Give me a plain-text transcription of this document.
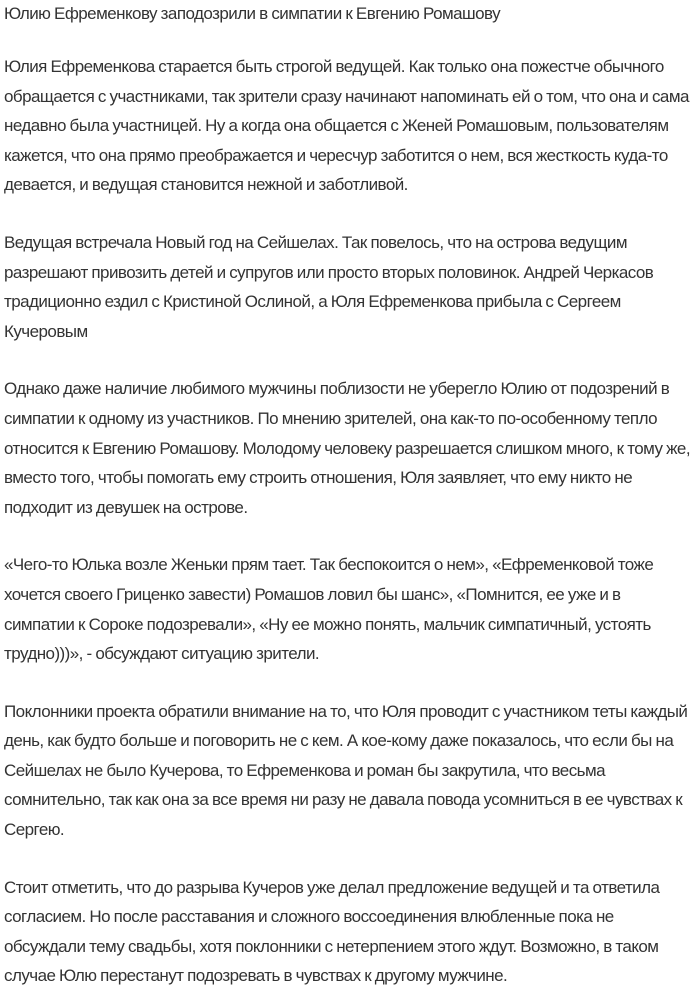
Юлию Ефременкову заподозрили в симпатии к Евгению Ромашову

Юлия Ефременкова старается быть строгой ведущей. Как только она пожестче обычного обращается с участниками, так зрители сразу начинают напоминать ей о том, что она и сама недавно была участницей. Ну а когда она общается с Женей Ромашовым, пользователям кажется, что она прямо преображается и чересчур заботится о нем, вся жесткость куда-то девается, и ведущая становится нежной и заботливой.

Ведущая встречала Новый год на Сейшелах. Так повелось, что на острова ведущим разрешают привозить детей и супругов или просто вторых половинок. Андрей Черкасов традиционно ездил с Кристиной Ослиной, а Юля Ефременкова прибыла с Сергеем Кучеровым

Однако даже наличие любимого мужчины поблизости не уберегло Юлию от подозрений в симпатии к одному из участников. По мнению зрителей, она как-то по-особенному тепло относится к Евгению Ромашову. Молодому человеку разрешается слишком много, к тому же, вместо того, чтобы помогать ему строить отношения, Юля заявляет, что ему никто не подходит из девушек на острове.

«Чего-то Юлька возле Женьки прям тает. Так беспокоится о нем», «Ефременковой тоже хочется своего Гриценко завести) Ромашов ловил бы шанс», «Помнится, ее уже и в симпатии к Сороке подозревали», «Ну ее можно понять, мальчик симпатичный, устоять трудно)))», - обсуждают ситуацию зрители.

Поклонники проекта обратили внимание на то, что Юля проводит с участником теты каждый день, как будто больше и поговорить не с кем. А кое-кому даже показалось, что если бы на Сейшелах не было Кучерова, то Ефременкова и роман бы закрутила, что весьма сомнительно, так как она за все время ни разу не давала повода усомниться в ее чувствах к Сергею.

Стоит отметить, что до разрыва Кучеров уже делал предложение ведущей и та ответила согласием. Но после расставания и сложного воссоединения влюбленные пока не обсуждали тему свадьбы, хотя поклонники с нетерпением этого ждут. Возможно, в таком случае Юлю перестанут подозревать в чувствах к другому мужчине.
